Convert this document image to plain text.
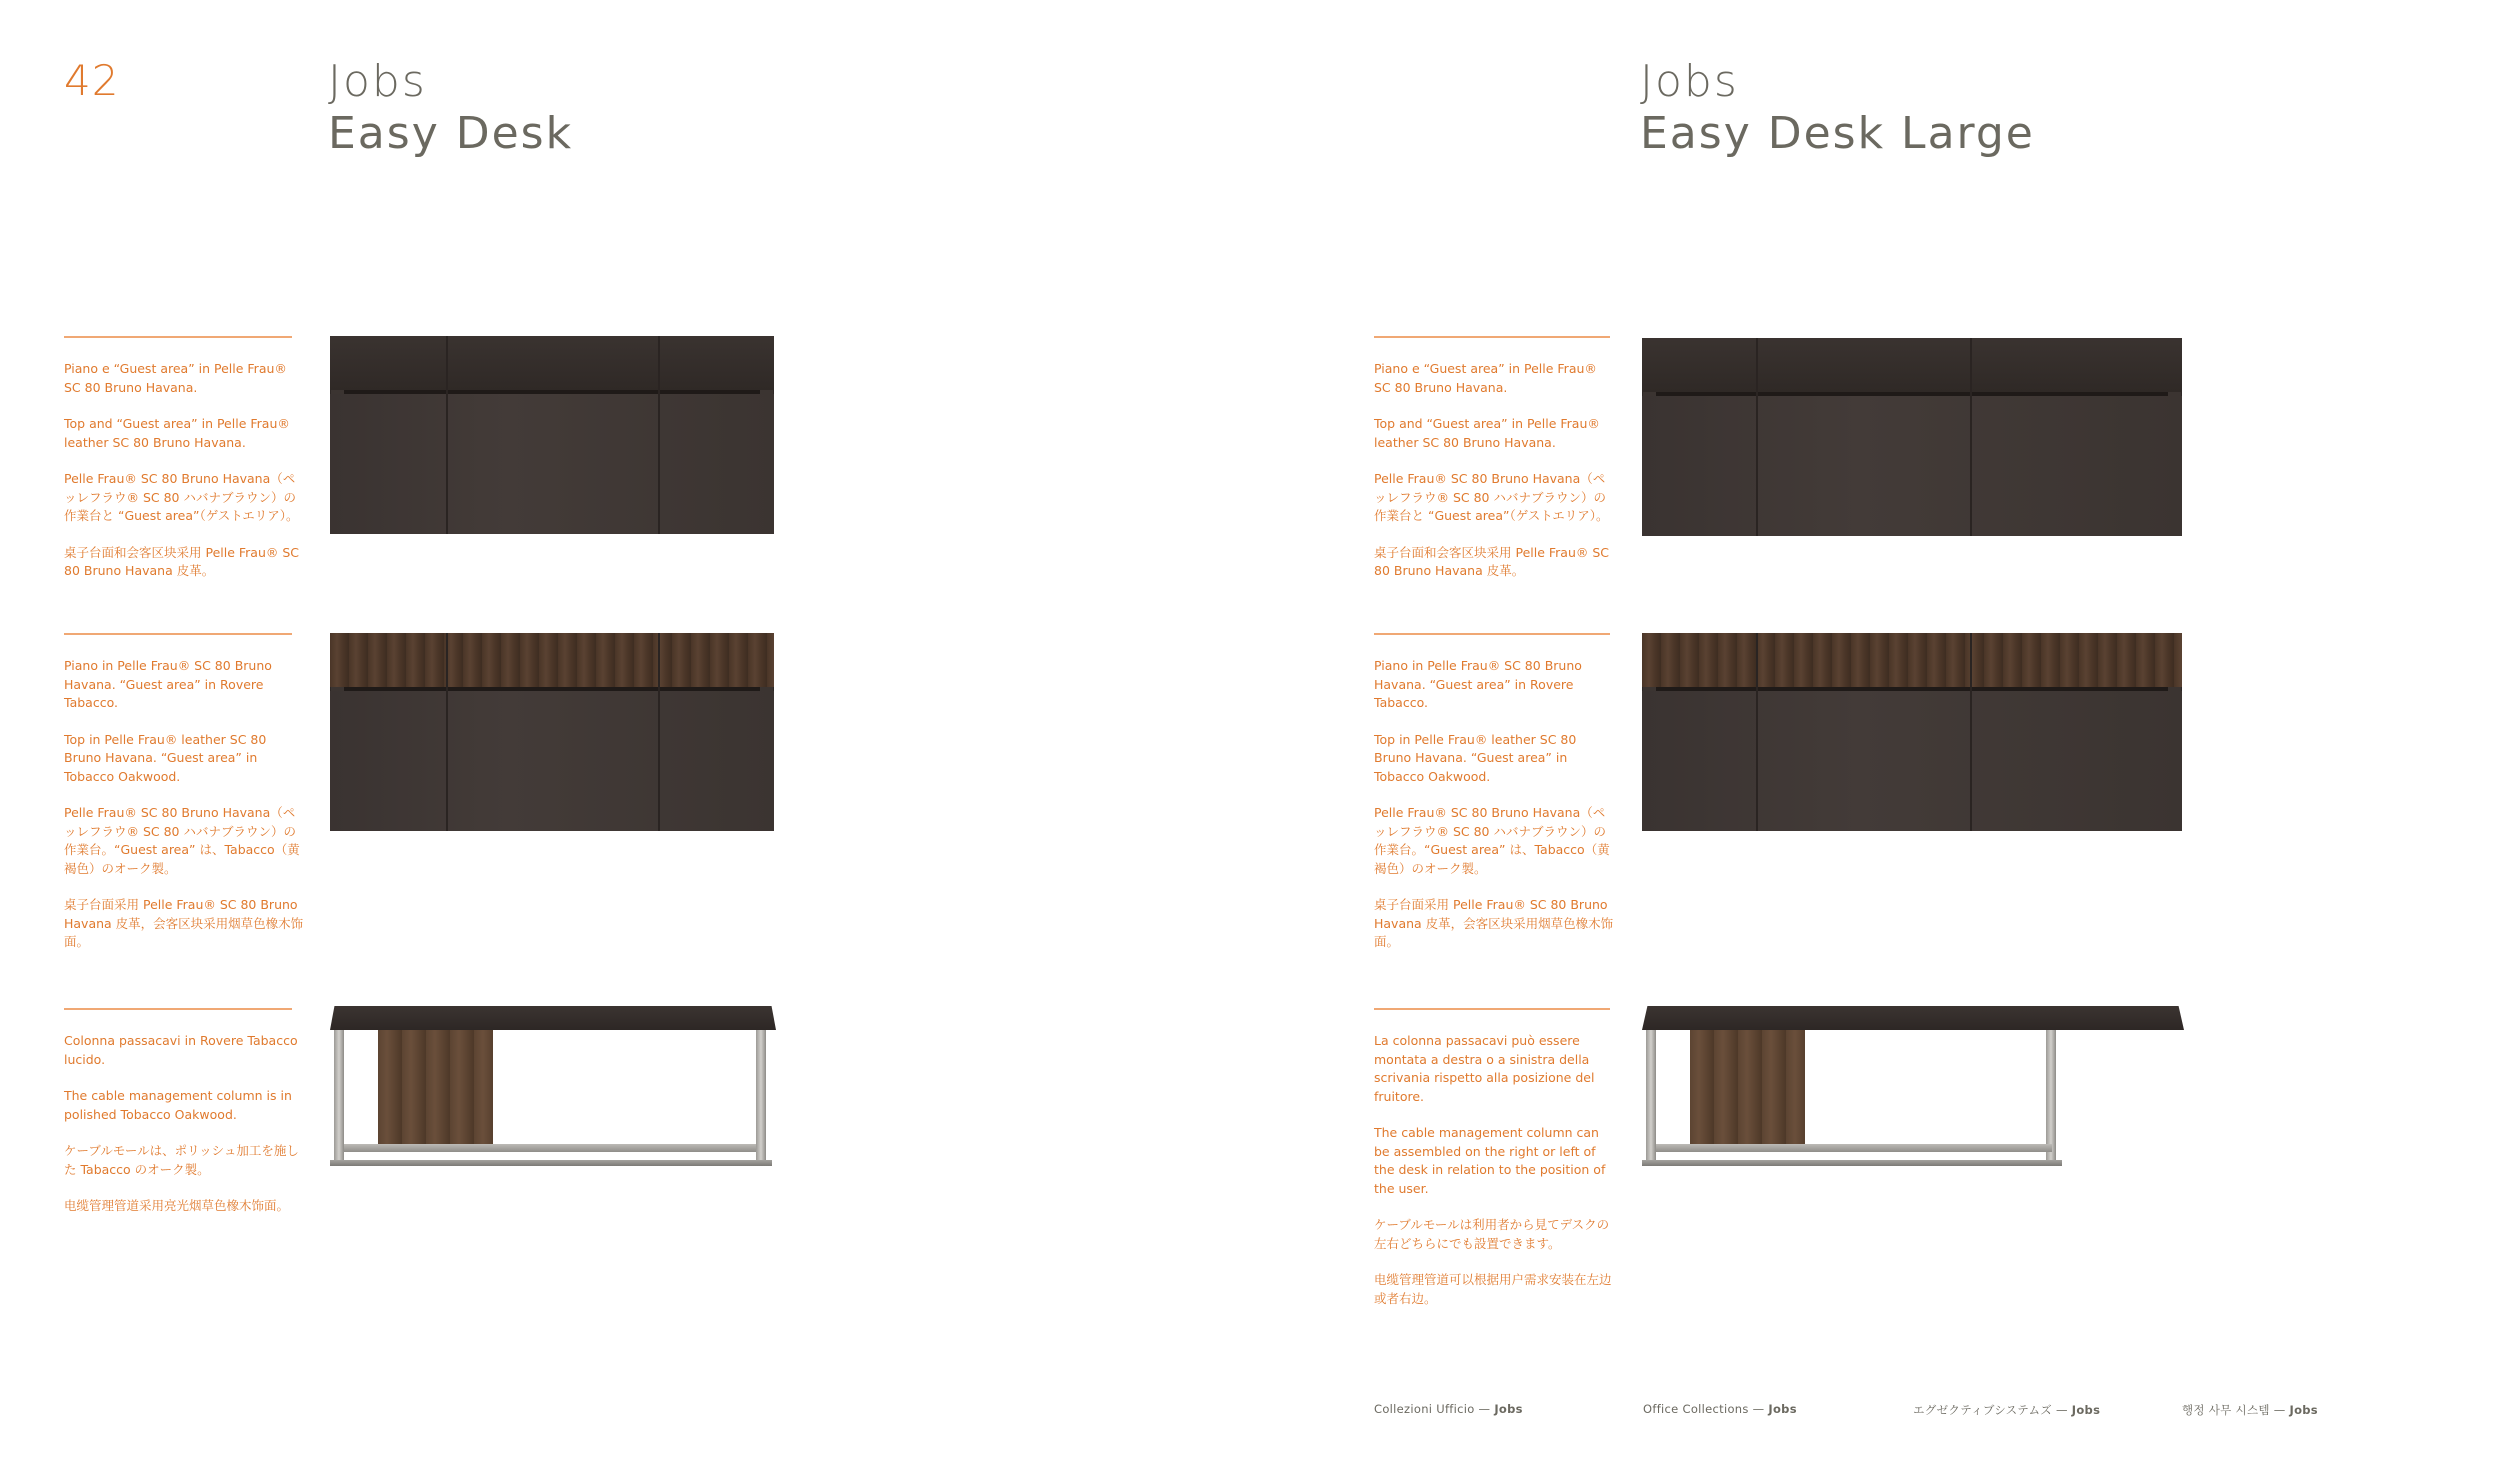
42	Jobs
Easy Desk

Piano e “Guest area” in Pelle Frau® SC 80 Bruno Havana.

Top and “Guest area” in Pelle Frau® leather SC 80 Bruno Havana.

Pelle Frau® SC 80 Bruno Havana（ペッレフラウ® SC 80 ハバナブラウン）の作業台と “Guest area”（ゲストエリア）。

桌子台面和会客区块采用 Pelle Frau® SC 80 Bruno Havana 皮革。

Piano in Pelle Frau® SC 80 Bruno Havana. “Guest area” in Rovere Tabacco.

Top in Pelle Frau® leather SC 80 Bruno Havana. “Guest area” in Tobacco Oakwood.

Pelle Frau® SC 80 Bruno Havana（ペッレフラウ® SC 80 ハバナブラウン）の作業台。“Guest area” は、Tabacco（黄褐色）のオーク製。

桌子台面采用 Pelle Frau® SC 80 Bruno Havana 皮革，会客区块采用烟草色橡木饰面。

Colonna passacavi in Rovere Tabacco lucido.

The cable management column is in polished Tobacco Oakwood.

ケーブルモールは、ポリッシュ加工を施した Tabacco のオーク製。

电缆管理管道采用亮光烟草色橡木饰面。

Jobs
Easy Desk Large

Piano e “Guest area” in Pelle Frau® SC 80 Bruno Havana.

Top and “Guest area” in Pelle Frau® leather SC 80 Bruno Havana.

Pelle Frau® SC 80 Bruno Havana（ペッレフラウ® SC 80 ハバナブラウン）の作業台と “Guest area”（ゲストエリア）。

桌子台面和会客区块采用 Pelle Frau® SC 80 Bruno Havana 皮革。

Piano in Pelle Frau® SC 80 Bruno Havana. “Guest area” in Rovere Tabacco.

Top in Pelle Frau® leather SC 80 Bruno Havana. “Guest area” in Tobacco Oakwood.

Pelle Frau® SC 80 Bruno Havana（ペッレフラウ® SC 80 ハバナブラウン）の作業台。“Guest area” は、Tabacco（黄褐色）のオーク製。

桌子台面采用 Pelle Frau® SC 80 Bruno Havana 皮革，会客区块采用烟草色橡木饰面。

La colonna passacavi può essere montata a destra o a sinistra della scrivania rispetto alla posizione del fruitore.

The cable management column can be assembled on the right or left of the desk in relation to the position of the user.

ケーブルモールは利用者から見てデスクの左右どちらにでも設置できます。

电缆管理管道可以根据用户需求安装在左边或者右边。

Collezioni Ufficio — Jobs	Office Collections — Jobs	エグゼクティブシステムズ — Jobs	행정 사무 시스템 — Jobs
